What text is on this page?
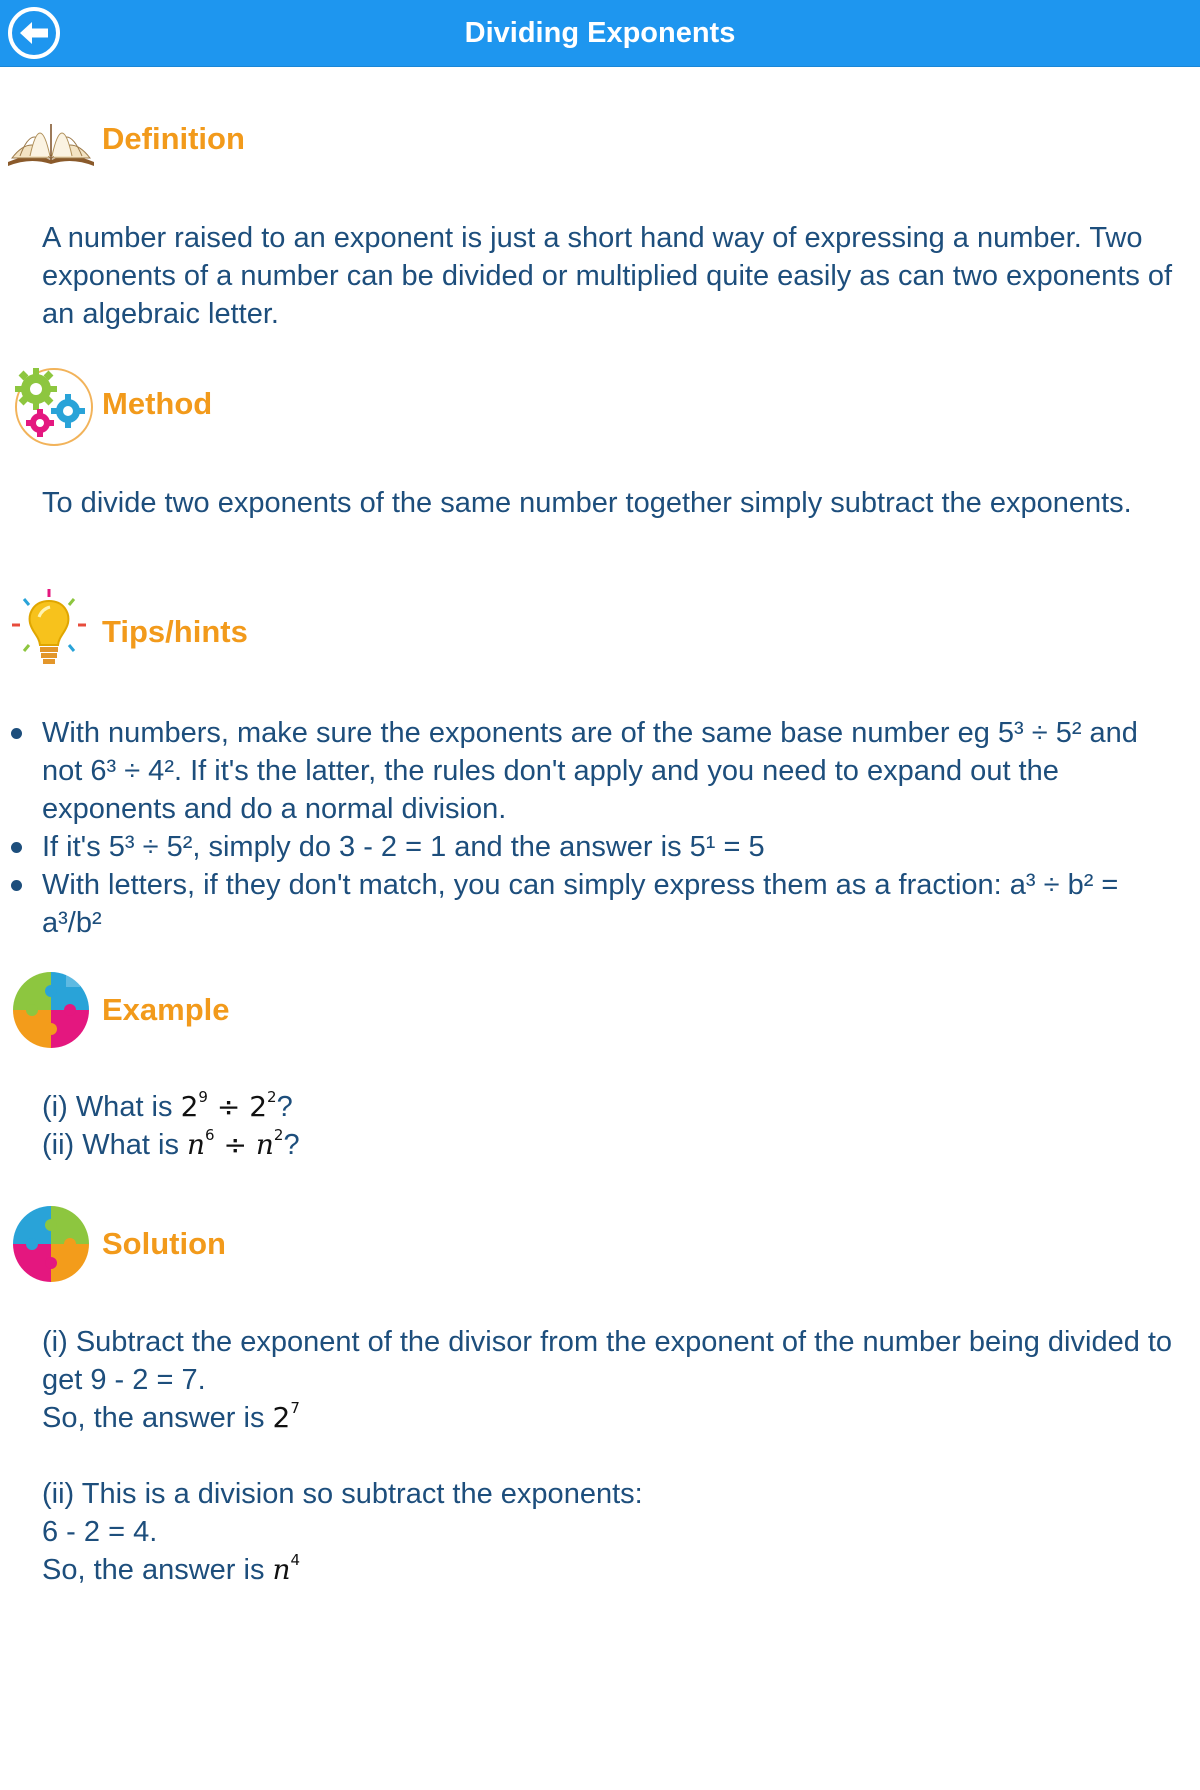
Dividing Exponents
Definition
A number raised to an exponent is just a short hand way of expressing a number. Two exponents of a number can be divided or multiplied quite easily as can two exponents of an algebraic letter.
Method
To divide two exponents of the same number together simply subtract the exponents.
Tips/hints
With numbers, make sure the exponents are of the same base number eg 5³ ÷ 5² and not 6³ ÷ 4². If it's the latter, the rules don't apply and you need to expand out the exponents and do a normal division.
If it's 5³ ÷ 5², simply do 3 - 2 = 1 and the answer is 5¹ = 5
With letters, if they don't match, you can simply express them as a fraction: a³ ÷ b² = a³/b²
Example

(i) What is $2^9 \div 2^2$?

(ii) What is $n^6 \div n^2$?

Solution

(i) Subtract the exponent of the divisor from the exponent of the number being divided to get 9 - 2 = 7.

So, the answer is $2^7$

(ii) This is a division so subtract the exponents:

6 - 2 = 4.

So, the answer is $n^4$
